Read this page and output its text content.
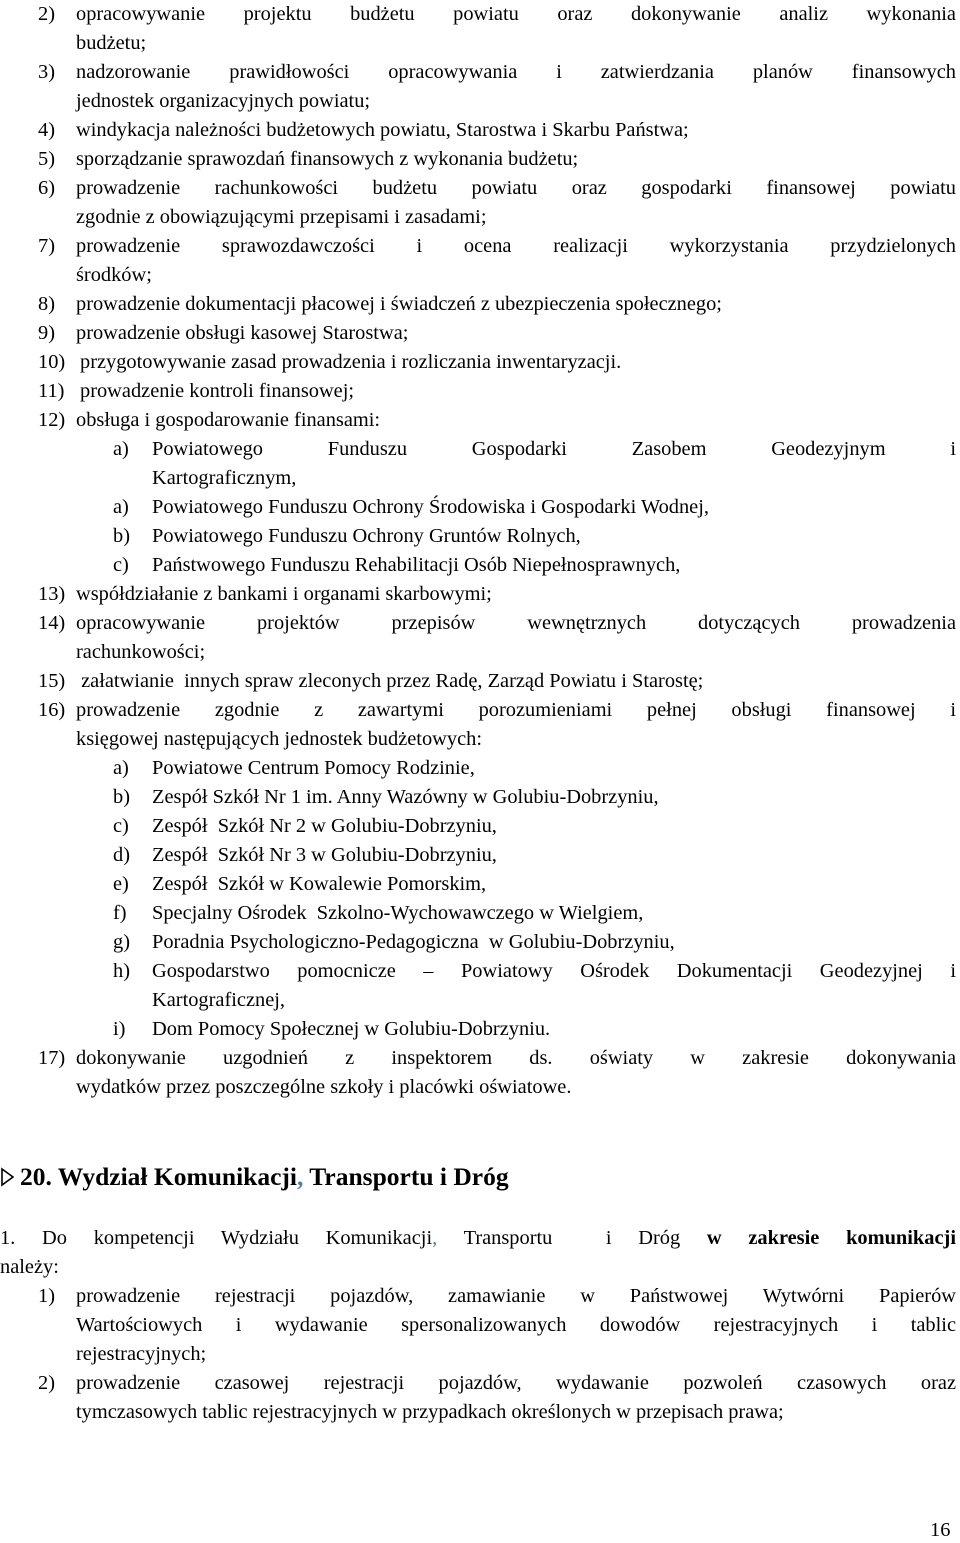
2) opracowywanie projektu budżetu powiatu oraz dokonywanie analiz wykonania
budżetu;
3) nadzorowanie prawidłowości opracowywania i zatwierdzania planów finansowych
jednostek organizacyjnych powiatu;
4) windykacja należności budżetowych powiatu, Starostwa i Skarbu Państwa;
5) sporządzanie sprawozdań finansowych z wykonania budżetu;
6) prowadzenie rachunkowości budżetu powiatu oraz gospodarki finansowej powiatu
zgodnie z obowiązującymi przepisami i zasadami;
7) prowadzenie sprawozdawczości i ocena realizacji wykorzystania przydzielonych
środków;
8) prowadzenie dokumentacji płacowej i świadczeń z ubezpieczenia społecznego;
9) prowadzenie obsługi kasowej Starostwa;
10) przygotowywanie zasad prowadzenia i rozliczania inwentaryzacji.
11) prowadzenie kontroli finansowej;
12) obsługa i gospodarowanie finansami:
a) Powiatowego Funduszu Gospodarki Zasobem Geodezyjnym i
Kartograficznym,
a) Powiatowego Funduszu Ochrony Środowiska i Gospodarki Wodnej,
b) Powiatowego Funduszu Ochrony Gruntów Rolnych,
c) Państwowego Funduszu Rehabilitacji Osób Niepełnosprawnych,
13) współdziałanie z bankami i organami skarbowymi;
14) opracowywanie projektów przepisów wewnętrznych dotyczących prowadzenia
rachunkowości;
15) załatwianie  innych spraw zleconych przez Radę, Zarząd Powiatu i Starostę;
16) prowadzenie zgodnie z zawartymi porozumieniami pełnej obsługi finansowej i
księgowej następujących jednostek budżetowych:
a) Powiatowe Centrum Pomocy Rodzinie,
b) Zespół Szkół Nr 1 im. Anny Wazówny w Golubiu-Dobrzyniu,
c) Zespół  Szkół Nr 2 w Golubiu-Dobrzyniu,
d) Zespół  Szkół Nr 3 w Golubiu-Dobrzyniu,
e) Zespół  Szkół w Kowalewie Pomorskim,
f) Specjalny Ośrodek  Szkolno-Wychowawczego w Wielgiem,
g) Poradnia Psychologiczno-Pedagogiczna  w Golubiu-Dobrzyniu,
h) Gospodarstwo pomocnicze – Powiatowy Ośrodek Dokumentacji Geodezyjnej i
Kartograficznej,
i) Dom Pomocy Społecznej w Golubiu-Dobrzyniu.
17) dokonywanie uzgodnień z inspektorem ds. oświaty w zakresie dokonywania
wydatków przez poszczególne szkoły i placówki oświatowe.
20. Wydział Komunikacji, Transportu i Dróg
1. Do kompetencji Wydziału Komunikacji, Transportu  i Dróg w zakresie komunikacji
należy:
1) prowadzenie rejestracji pojazdów, zamawianie w Państwowej Wytwórni Papierów
Wartościowych i wydawanie spersonalizowanych dowodów rejestracyjnych i tablic
rejestracyjnych;
2) prowadzenie czasowej rejestracji pojazdów, wydawanie pozwoleń czasowych oraz
tymczasowych tablic rejestracyjnych w przypadkach określonych w przepisach prawa;
16
